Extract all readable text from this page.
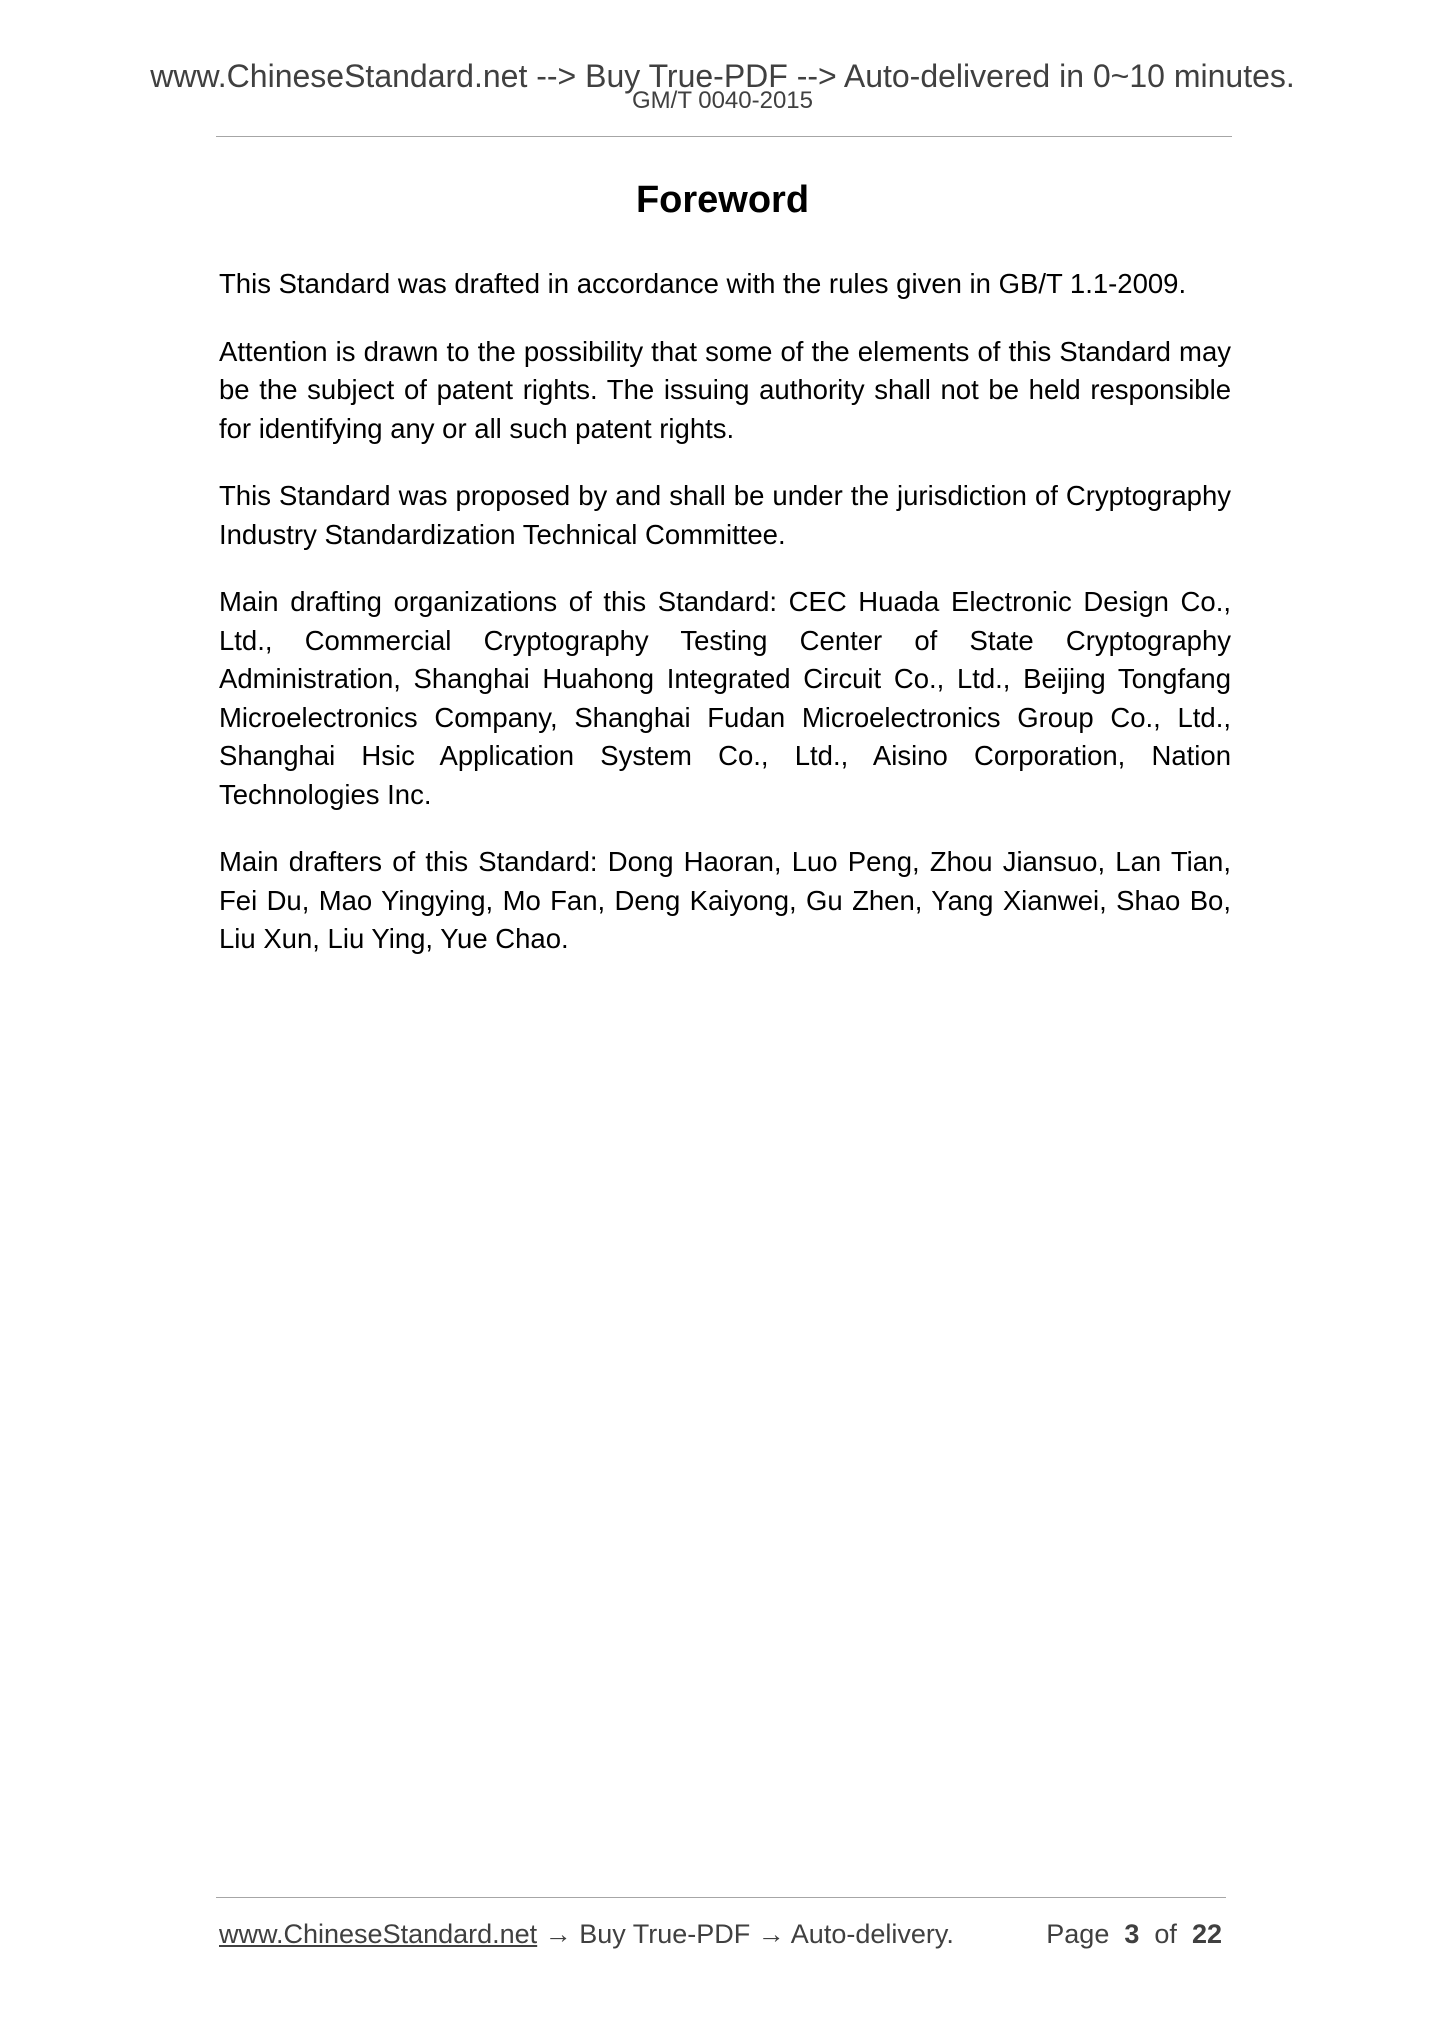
www.ChineseStandard.net --> Buy True-PDF --> Auto-delivered in 0~10 minutes.
GM/T 0040-2015
Foreword

This Standard was drafted in accordance with the rules given in GB/T 1.1-2009.

Attention is drawn to the possibility that some of the elements of this Standard may be the subject of patent rights. The issuing authority shall not be held responsible for identifying any or all such patent rights.

This Standard was proposed by and shall be under the jurisdiction of Cryptography Industry Standardization Technical Committee.

Main drafting organizations of this Standard: CEC Huada Electronic Design Co., Ltd., Commercial Cryptography Testing Center of State Cryptography Administration, Shanghai Huahong Integrated Circuit Co., Ltd., Beijing Tongfang Microelectronics Company, Shanghai Fudan Microelectronics Group Co., Ltd., Shanghai Hsic Application System Co., Ltd., Aisino Corporation, Nation Technologies Inc.

Main drafters of this Standard: Dong Haoran, Luo Peng, Zhou Jiansuo, Lan Tian, Fei Du, Mao Yingying, Mo Fan, Deng Kaiyong, Gu Zhen, Yang Xianwei, Shao Bo, Liu Xun, Liu Ying, Yue Chao.

www.ChineseStandard.net → Buy True-PDF → Auto-delivery.	Page 3 of 22
